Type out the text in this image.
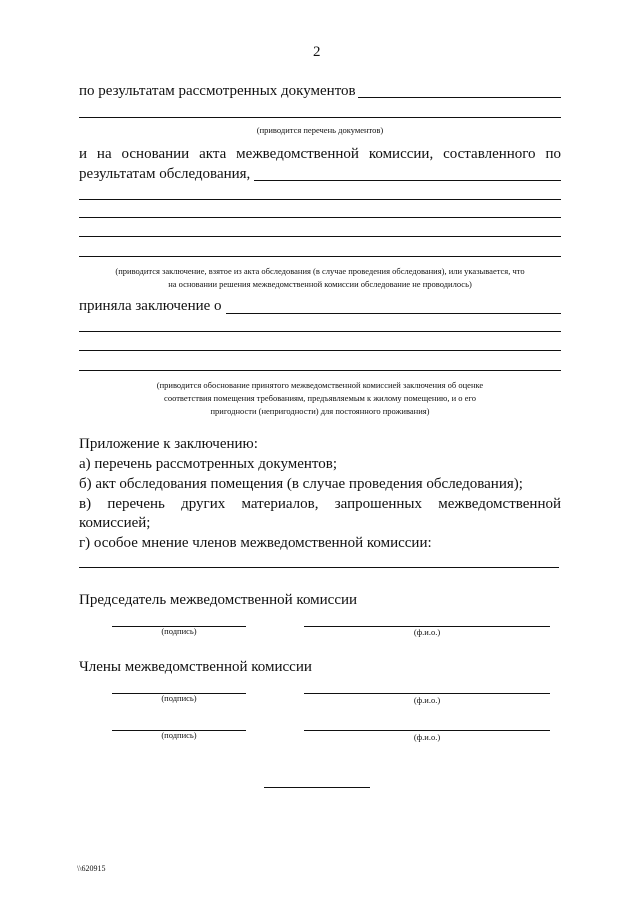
2
по результатам рассмотренных документов
(приводится перечень документов)
и на основании акта межведомственной комиссии, составленного по
результатам обследования,
(приводится заключение, взятое из акта обследования (в случае проведения обследования), или указывается, что
на основании решения межведомственной комиссии обследование не проводилось)
приняла заключение о
(приводится обоснование принятого межведомственной комиссией заключения об оценке
соответствия помещения требованиям, предъявляемым к жилому помещению, и о его
пригодности (непригодности) для постоянного проживания)
Приложение к заключению:
а) перечень рассмотренных документов;
б) акт обследования помещения (в случае проведения обследования);
в) перечень других материалов, запрошенных межведомственной
комиссией;
г) особое мнение членов межведомственной комиссии:
Председатель межведомственной комиссии
(подпись)	(ф.и.о.)
Члены межведомственной комиссии
(подпись)	(ф.и.о.)
(подпись)	(ф.и.о.)
\\620915
